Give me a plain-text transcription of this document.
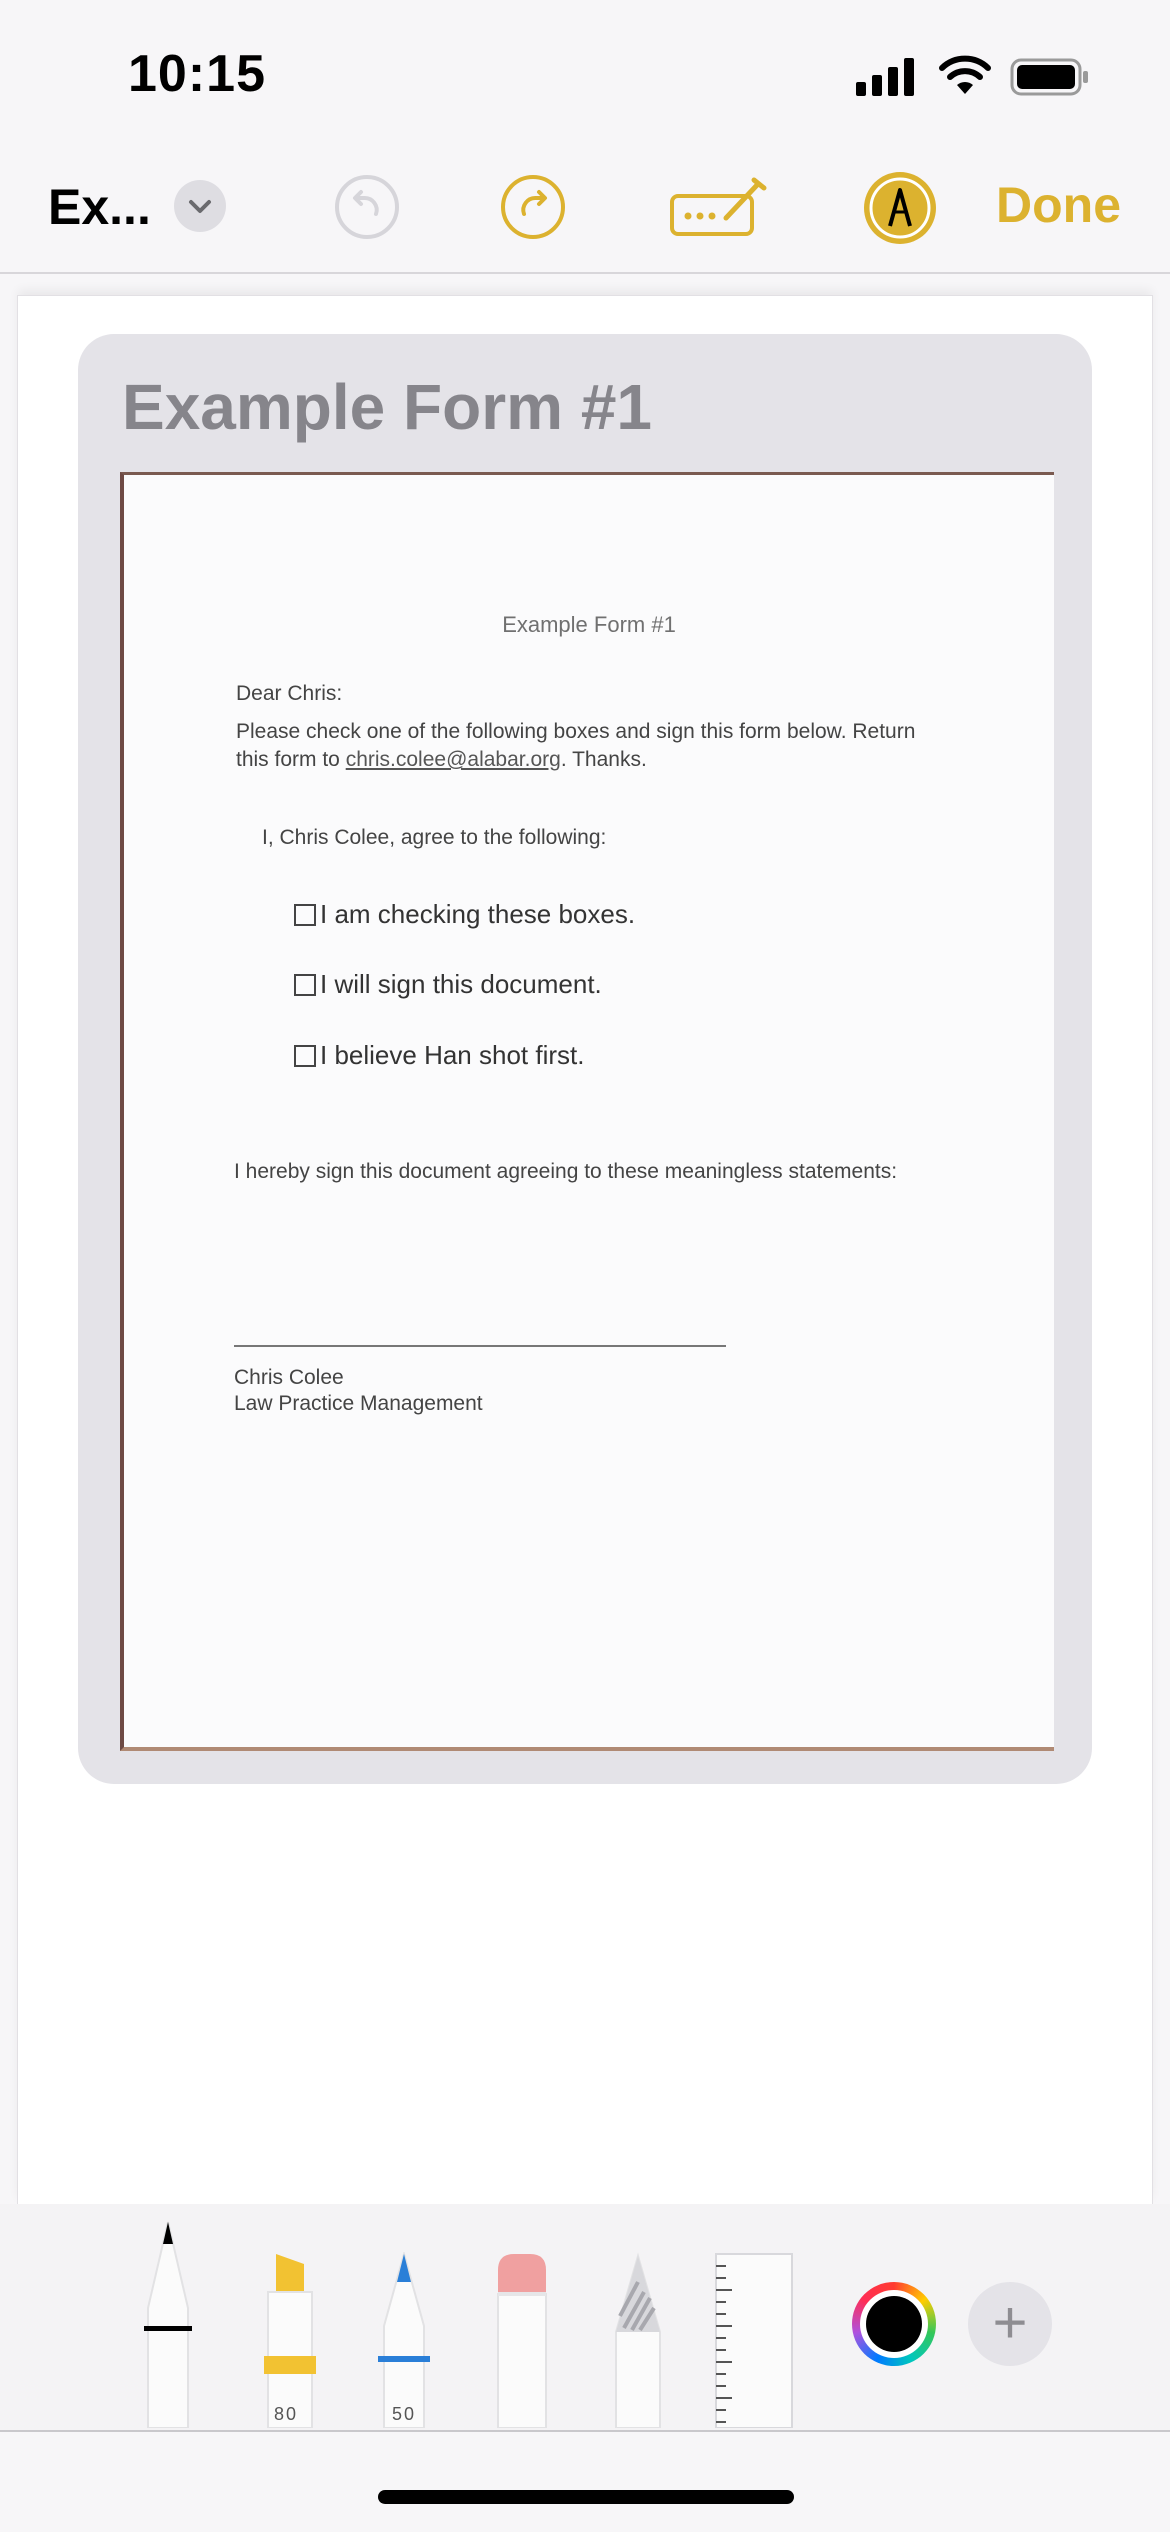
10:15
Ex...	Done
Example Form #1
Example Form #1
Dear Chris:
Please check one of the following boxes and sign this form below. Return
this form to chris.colee@alabar.org. Thanks.
I, Chris Colee, agree to the following:
I am checking these boxes.
I will sign this document.
I believe Han shot first.
I hereby sign this document agreeing to these meaningless statements:
Chris Colee
Law Practice Management
80	50
+
